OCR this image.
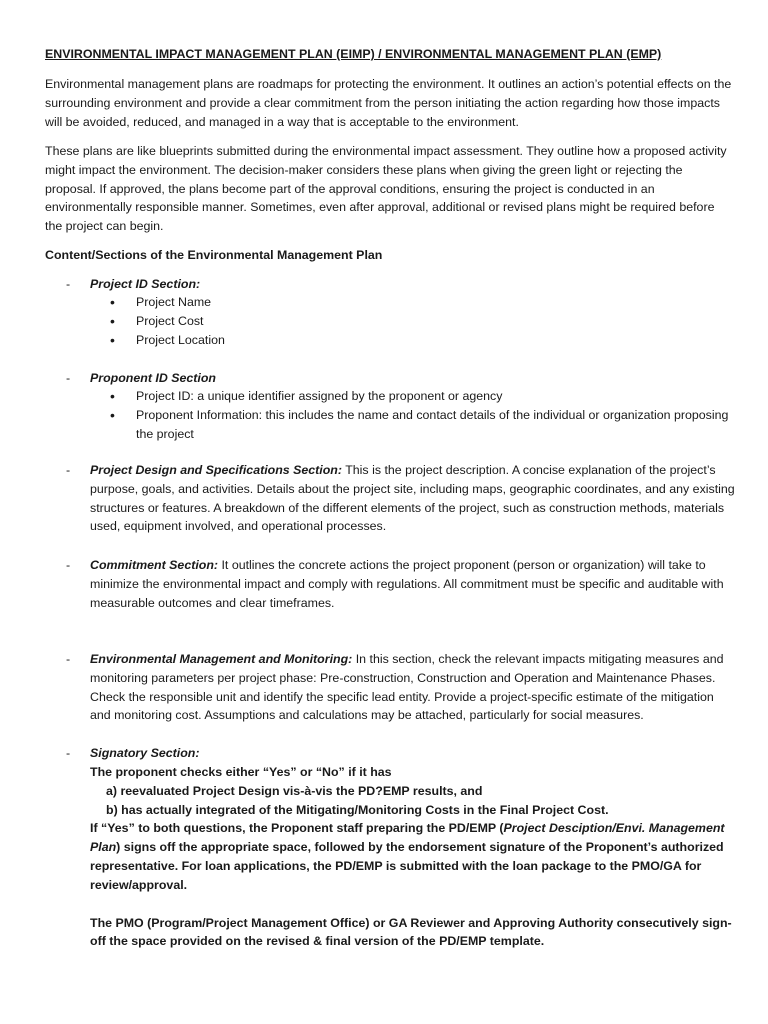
ENVIRONMENTAL IMPACT MANAGEMENT PLAN (EIMP) / ENVIRONMENTAL MANAGEMENT PLAN (EMP)

Environmental management plans are roadmaps for protecting the environment. It outlines an action’s potential effects on the surrounding environment and provide a clear commitment from the person initiating the action regarding how those impacts will be avoided, reduced, and managed in a way that is acceptable to the environment.

These plans are like blueprints submitted during the environmental impact assessment. They outline how a proposed activity might impact the environment. The decision-maker considers these plans when giving the green light or rejecting the proposal. If approved, the plans become part of the approval conditions, ensuring the project is conducted in an environmentally responsible manner. Sometimes, even after approval, additional or revised plans might be required before the project can begin.

Content/Sections of the Environmental Management Plan
- Project ID Section:
• Project Name
• Project Cost
• Project Location
- Proponent ID Section
• Project ID: a unique identifier assigned by the proponent or agency
• Proponent Information: this includes the name and contact details of the individual or organization proposing the project
- Project Design and Specifications Section: This is the project description. A concise explanation of the project’s purpose, goals, and activities. Details about the project site, including maps, geographic coordinates, and any existing structures or features. A breakdown of the different elements of the project, such as construction methods, materials used, equipment involved, and operational processes.
- Commitment Section: It outlines the concrete actions the project proponent (person or organization) will take to minimize the environmental impact and comply with regulations. All commitment must be specific and auditable with measurable outcomes and clear timeframes.
- Environmental Management and Monitoring: In this section, check the relevant impacts mitigating measures and monitoring parameters per project phase: Pre-construction, Construction and Operation and Maintenance Phases. Check the responsible unit and identify the specific lead entity. Provide a project-specific estimate of the mitigation and monitoring cost. Assumptions and calculations may be attached, particularly for social measures.
- Signatory Section:
The proponent checks either “Yes” or “No” if it has
a) reevaluated Project Design vis-à-vis the PD?EMP results, and
b) has actually integrated of the Mitigating/Monitoring Costs in the Final Project Cost.
If “Yes” to both questions, the Proponent staff preparing the PD/EMP (Project Desciption/Envi. Management Plan) signs off the appropriate space, followed by the endorsement signature of the Proponent’s authorized representative. For loan applications, the PD/EMP is submitted with the loan package to the PMO/GA for review/approval.
The PMO (Program/Project Management Office) or GA Reviewer and Approving Authority consecutively sign-off the space provided on the revised & final version of the PD/EMP template.
